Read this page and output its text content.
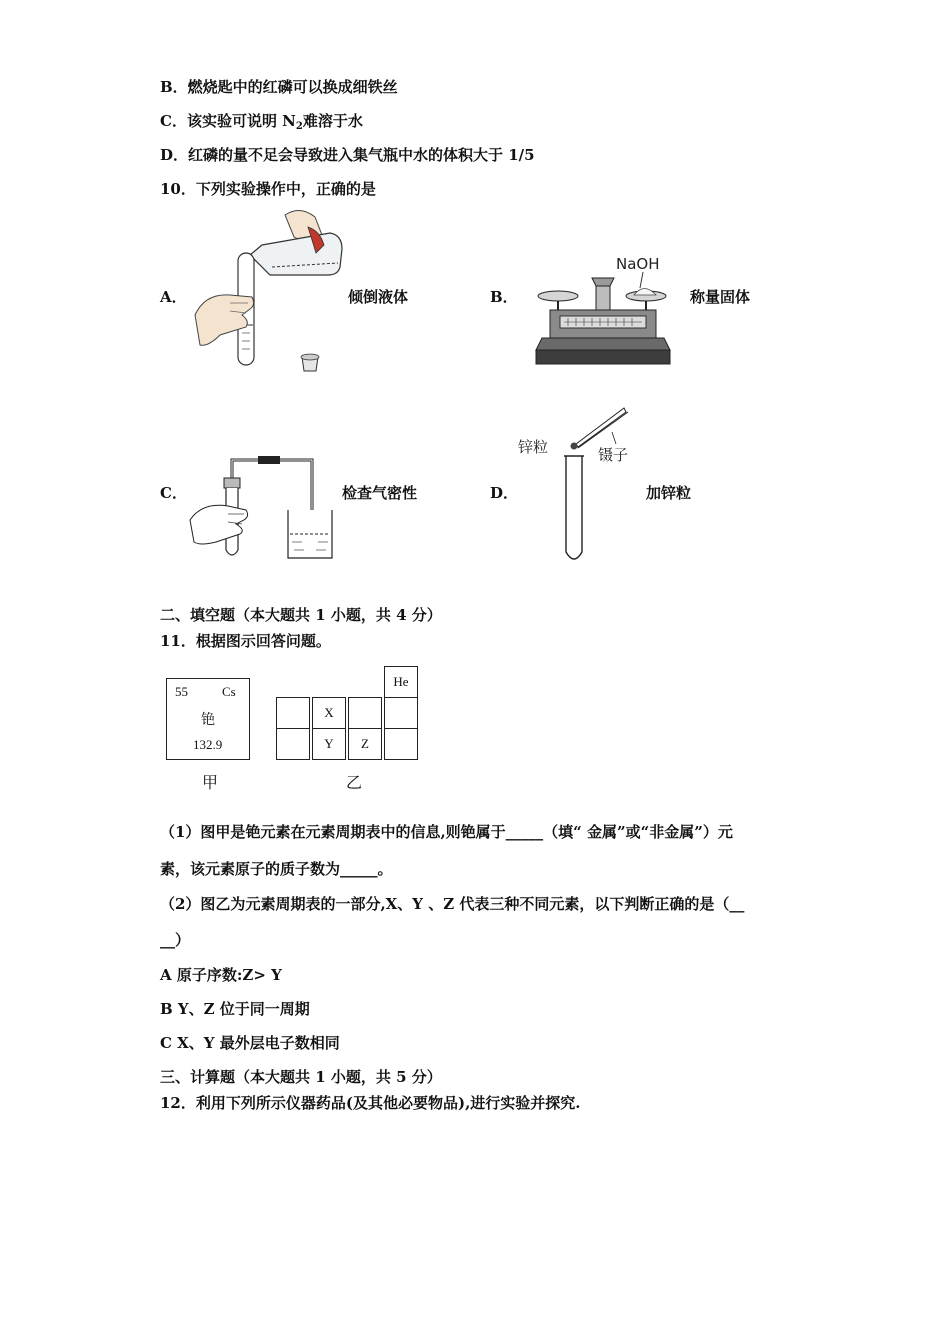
B．燃烧匙中的红磷可以换成细铁丝
C．该实验可说明 $N_2$难溶于水
D．红磷的量不足会导致进入集气瓶中水的体积大于 1/5
10．下列实验操作中，正确的是
A．	倾倒液体	B．
NaOH
称量固体
C．	检查气密性	D．
锌粒	镊子
加锌粒
二、填空题（本大题共 1 小题，共 4 分）
11．根据图示回答问题。
55	Cs
铯
132.9
甲
He
X
Y	Z
乙
（1）图甲是铯元素在元素周期表中的信息,则铯属于_____（填“ 金属”或“非金属”）元
素，该元素原子的质子数为_____。
（2）图乙为元素周期表的一部分,X、Y 、Z 代表三种不同元素，以下判断正确的是（__
__）
A 原子序数:Z> Y
B Y、Z 位于同一周期
C X、Y 最外层电子数相同
三、计算题（本大题共 1 小题，共 5 分）
12．利用下列所示仪器药品(及其他必要物品),进行实验并探究.
